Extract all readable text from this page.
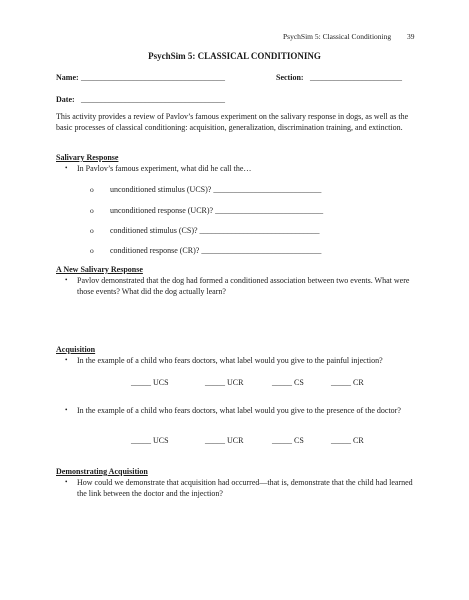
PsychSim 5: Classical Conditioning 39
PsychSim 5: CLASSICAL CONDITIONING
Name: ____________________________________	Section: _______________________
Date: ____________________________________
This activity provides a review of Pavlov’s famous experiment on the salivary response in dogs, as well as the basic processes of classical conditioning: acquisition, generalization, discrimination training, and extinction.
Salivary Response
• In Pavlov’s famous experiment, what did he call the…
o unconditioned stimulus (UCS)? ___________________________
o unconditioned response (UCR)? ___________________________
o conditioned stimulus (CS)? ______________________________
o conditioned response (CR)? ______________________________
A New Salivary Response
• Pavlov demonstrated that the dog had formed a conditioned association between two events. What were those events? What did the dog actually learn?
Acquisition
• In the example of a child who fears doctors, what label would you give to the painful injection?
_____ UCS	_____ UCR	_____ CS	_____ CR
• In the example of a child who fears doctors, what label would you give to the presence of the doctor?
_____ UCS	_____ UCR	_____ CS	_____ CR
Demonstrating Acquisition
• How could we demonstrate that acquisition had occurred—that is, demonstrate that the child had learned the link between the doctor and the injection?
